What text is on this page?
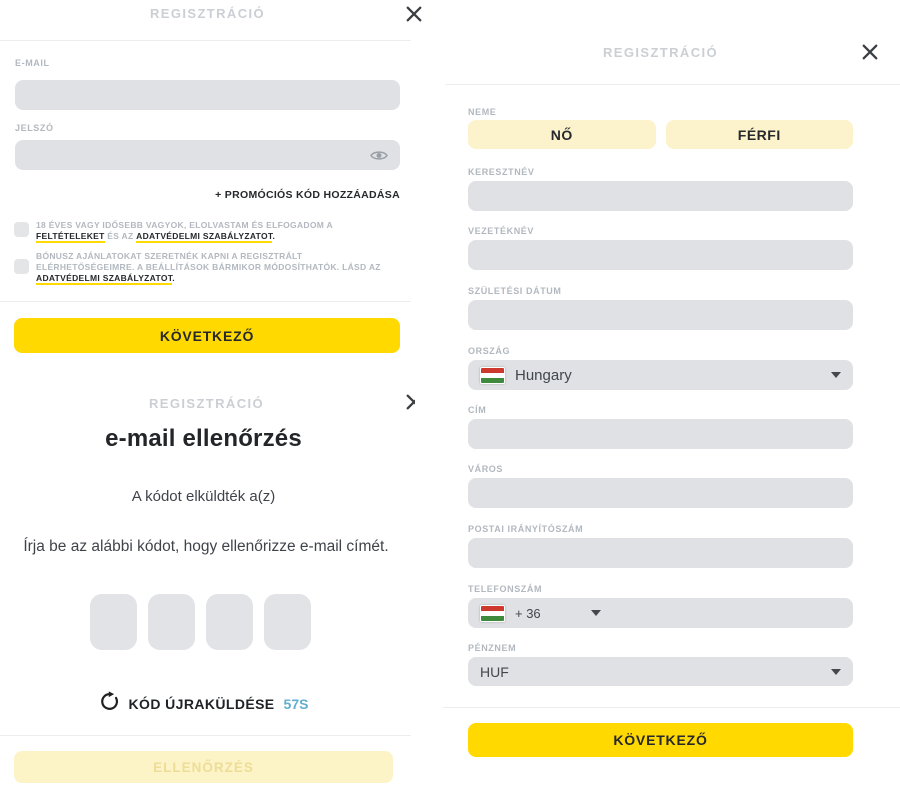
REGISZTRÁCIÓ
E-MAIL
JELSZÓ
+ PROMÓCIÓS KÓD HOZZÁADÁSA
18 ÉVES VAGY IDŐSEBB VAGYOK, ELOLVASTAM ÉS ELFOGADOM A FELTÉTELEKET ÉS AZ ADATVÉDELMI SZABÁLYZATOT.
BÓNUSZ AJÁNLATOKAT SZERETNÉK KAPNI A REGISZTRÁLT ELÉRHETŐSÉGEIMRE. A BEÁLLÍTÁSOK BÁRMIKOR MÓDOSÍTHATÓK. LÁSD AZ ADATVÉDELMI SZABÁLYZATOT.
KÖVETKEZŐ
REGISZTRÁCIÓ
e-mail ellenőrzés
A kódot elküldték a(z)
Írja be az alábbi kódot, hogy ellenőrizze e-mail címét.
KÓD ÚJRAKÜLDÉSE 57S
ELLENŐRZÉS
REGISZTRÁCIÓ
NEME
NŐ	FÉRFI
KERESZTNÉV
VEZETÉKNÉV
SZÜLETÉSI DÁTUM
ORSZÁG
Hungary
CÍM
VÁROS
POSTAI IRÁNYÍTÓSZÁM
TELEFONSZÁM
+ 36
PÉNZNEM
HUF
KÖVETKEZŐ
